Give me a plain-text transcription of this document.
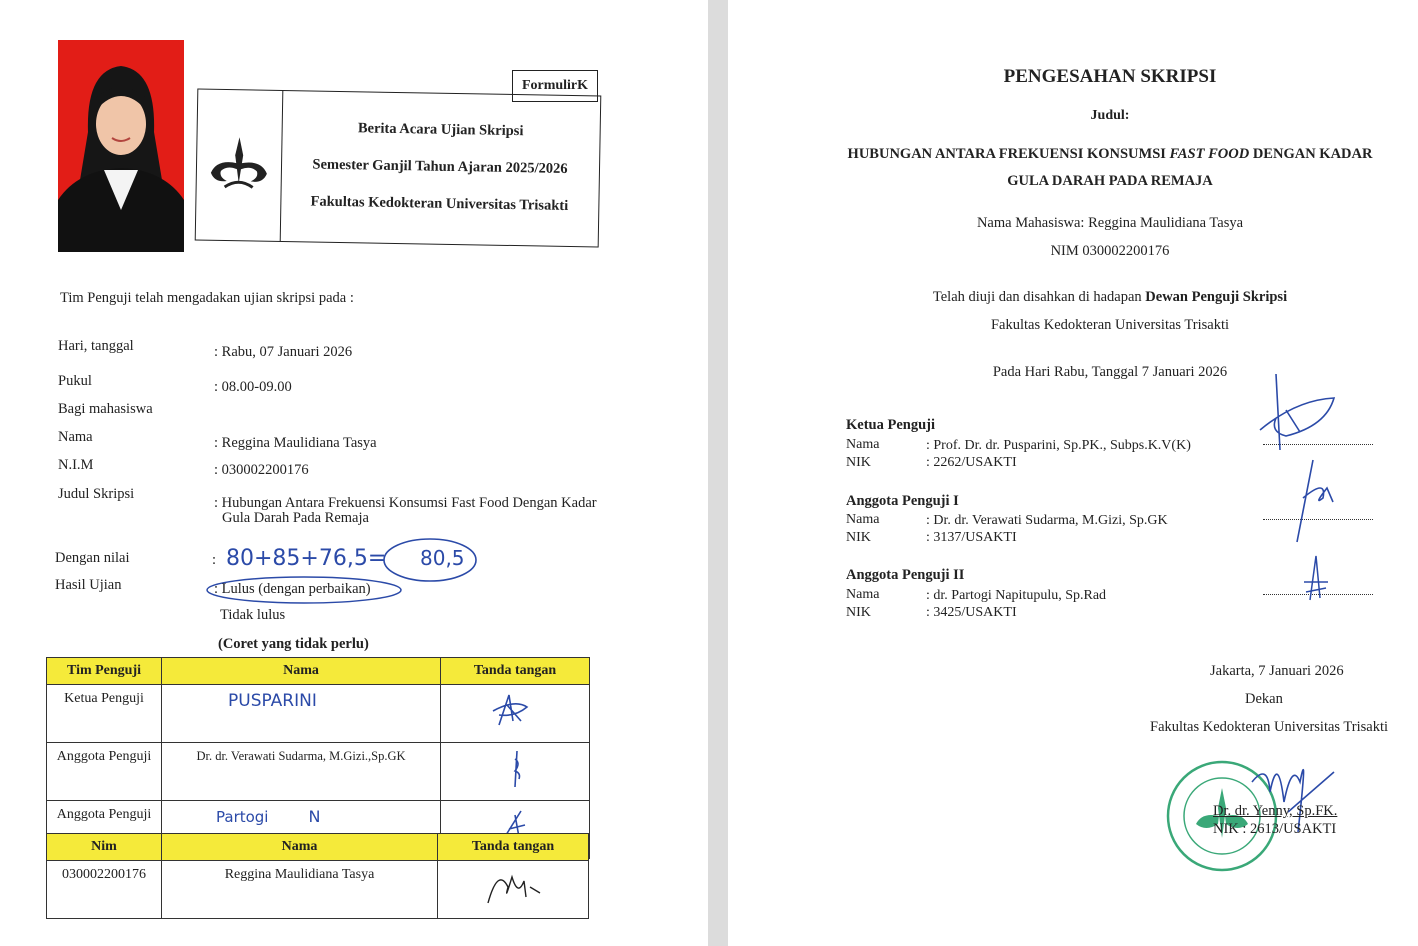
FormulirK
Berita Acara Ujian Skripsi
Semester Ganjil Tahun Ajaran 2025/2026
Fakultas Kedokteran Universitas Trisakti
Tim Penguji telah mengadakan ujian skripsi pada :
Hari, tanggal	: Rabu, 07 Januari 2026
Pukul	: 08.00-09.00
Bagi mahasiswa
Nama	: Reggina Maulidiana Tasya
N.I.M	: 030002200176
Judul Skripsi
: Hubungan Antara Frekuensi Konsumsi Fast Food Dengan Kadar
Gula Darah Pada Remaja
Dengan nilai	: 80+85+76,5= 80,5
Hasil Ujian	: Lulus (dengan perbaikan)
Tidak lulus
(Coret yang tidak perlu)
Tim Penguji	Nama	Tanda tangan
Ketua Penguji	PUSPARINI	
Anggota Penguji	Dr. dr. Verawati Sudarma, M.Gizi.,Sp.GK	
Anggota Penguji	Partogi N	
Nim	Nama	Tanda tangan
030002200176	Reggina Maulidiana Tasya	
PENGESAHAN SKRIPSI
Judul:
HUBUNGAN ANTARA FREKUENSI KONSUMSI FAST FOOD DENGAN KADAR
GULA DARAH PADA REMAJA
Nama Mahasiswa: Reggina Maulidiana Tasya
NIM 030002200176
Telah diuji dan disahkan di hadapan Dewan Penguji Skripsi
Fakultas Kedokteran Universitas Trisakti
Pada Hari Rabu, Tanggal 7 Januari 2026
Ketua Penguji
Nama	: Prof. Dr. dr. Pusparini, Sp.PK., Subps.K.V(K)
NIK	: 2262/USAKTI
Anggota Penguji I
Nama	: Dr. dr. Verawati Sudarma, M.Gizi, Sp.GK
NIK	: 3137/USAKTI
Anggota Penguji II
Nama	: dr. Partogi Napitupulu, Sp.Rad
NIK	: 3425/USAKTI
Jakarta, 7 Januari 2026
Dekan
Fakultas Kedokteran Universitas Trisakti
Dr. dr. Yenny, Sp.FK.
NIK : 2613/USAKTI
